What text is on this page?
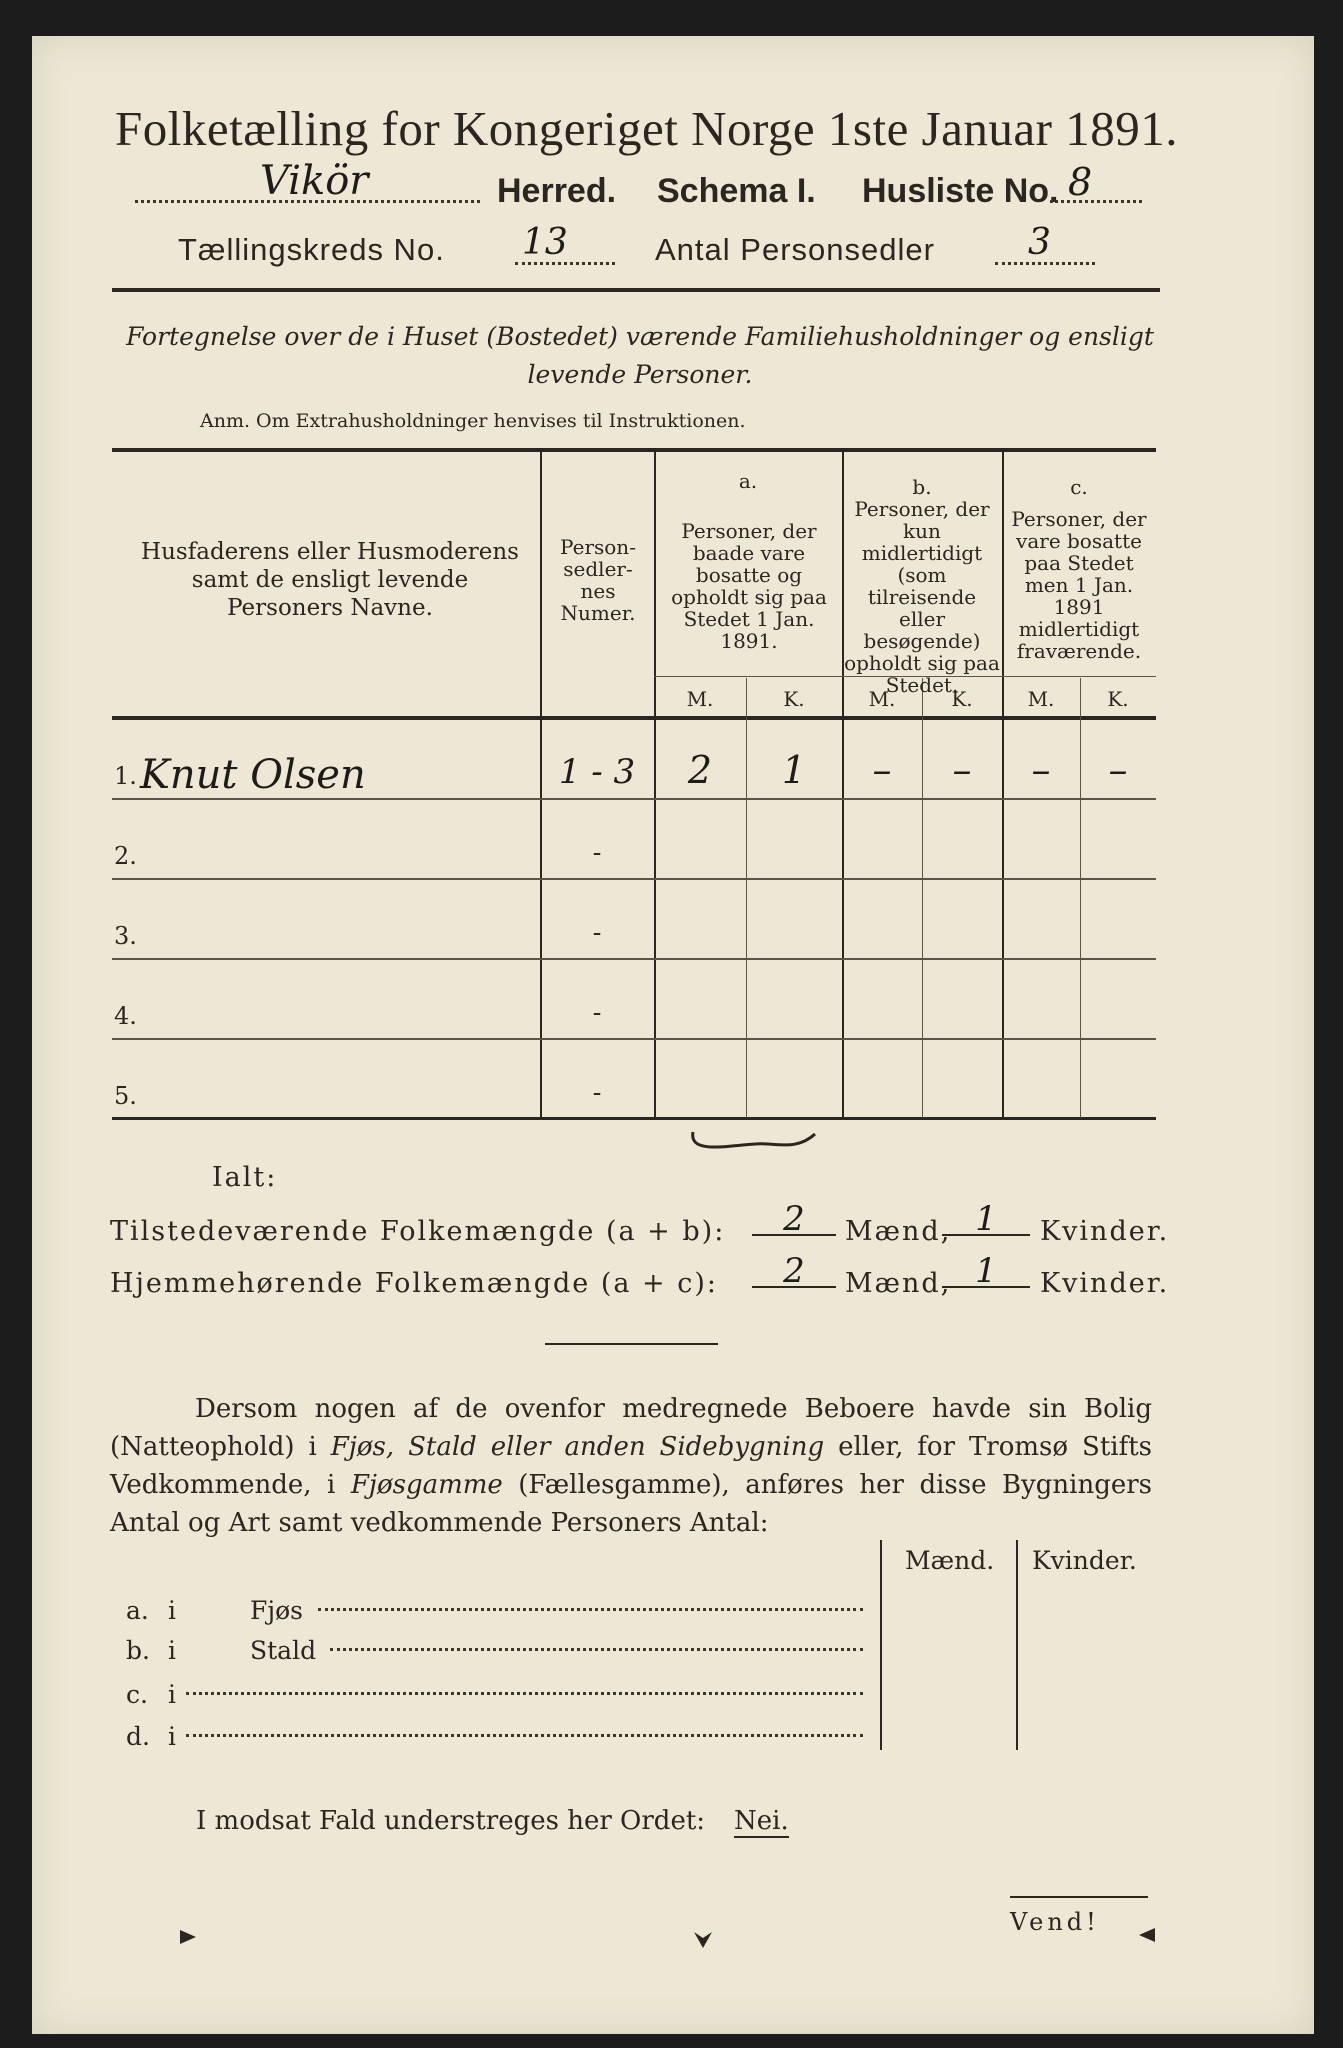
Folketælling for Kongeriget Norge 1ste Januar 1891.
Vikör	Herred. Schema I. Husliste No. 8
Tællingskreds No. 13	Antal Personsedler	3
Fortegnelse over de i Huset (Bostedet) værende Familiehusholdninger og ensligt levende Personer.
Anm. Om Extrahusholdninger henvises til Instruktionen.
Husfaderens eller Husmoderens samt de ensligt levende Personers Navne.
Person-sedler-nes Numer.
a.
Personer, der baade vare bosatte og opholdt sig paa Stedet 1 Jan. 1891.
b.
Personer, der kun midlertidigt (som tilreisende eller besøgende) opholdt sig paa Stedet.
c.
Personer, der vare bosatte paa Stedet men 1 Jan. 1891 midlertidigt fraværende.
M.	K.	M.	K.	M.	K.
1. Knut Olsen	1 - 3	2	1	–	–	–	–
2.	-
3.	-
4.	-
5.	-
Ialt:
Tilstedeværende Folkemængde (a + b):	2	Mænd, 1	Kvinder.
Hjemmehørende Folkemængde (a + c):	2	Mænd, 1	Kvinder.
Dersom nogen af de ovenfor medregnede Beboere havde sin Bolig (Natteophold) i Fjøs, Stald eller anden Sidebygning eller, for Tromsø Stifts Vedkommende, i Fjøsgamme (Fællesgamme), anføres her disse Bygningers Antal og Art samt vedkommende Personers Antal:
Mænd. Kvinder.
a. i	Fjøs
b. i	Stald
c. i
d. i
I modsat Fald understreges her Ordet: Nei.
Vend!
